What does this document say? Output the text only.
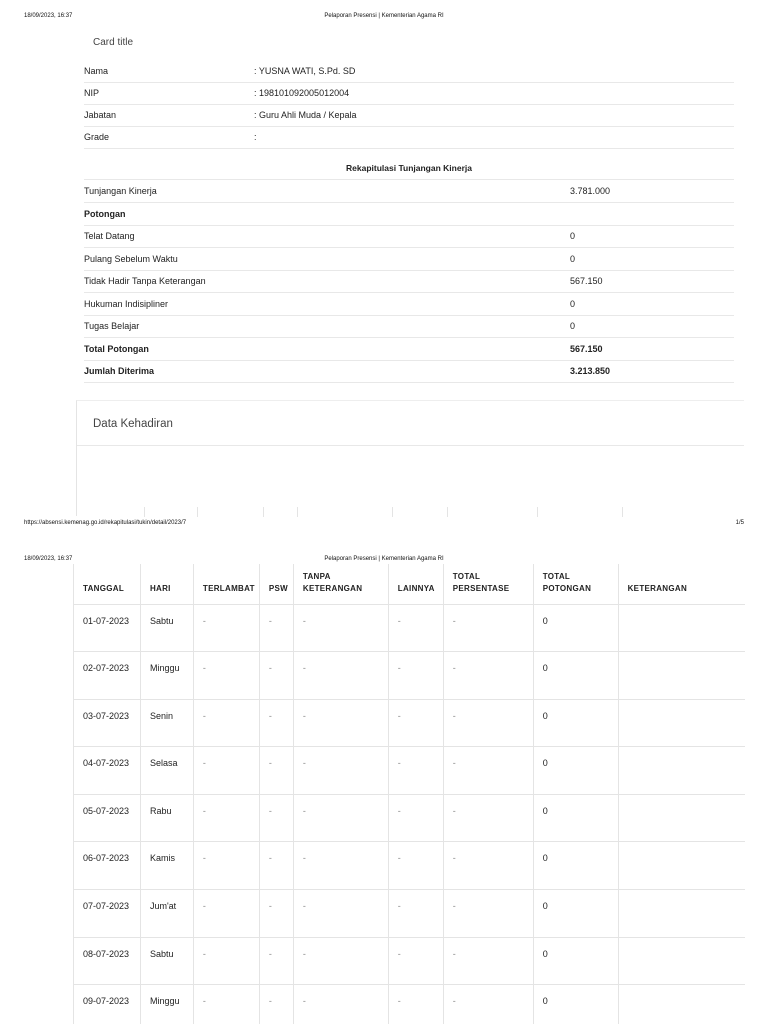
18/09/2023, 16:37	Pelaporan Presensi | Kementerian Agama RI
Card title
Nama	: YUSNA WATI, S.Pd. SD
NIP	: 198101092005012004
Jabatan	: Guru Ahli Muda / Kepala
Grade	:
Rekapitulasi Tunjangan Kinerja
Tunjangan Kinerja	3.781.000
Potongan	
Telat Datang	0
Pulang Sebelum Waktu	0
Tidak Hadir Tanpa Keterangan	567.150
Hukuman Indisipliner	0
Tugas Belajar	0
Total Potongan	567.150
Jumlah Diterima	3.213.850
Data Kehadiran
https://absensi.kemenag.go.id/rekapitulasi/tukin/detail/2023/7	1/5
18/09/2023, 16:37	Pelaporan Presensi | Kementerian Agama RI
TANGGAL	HARI	TERLAMBAT	PSW	TANPA KETERANGAN	LAINNYA	TOTAL PERSENTASE	TOTAL POTONGAN	KETERANGAN
01-07-2023	Sabtu	-	-	-	-	-	0	
02-07-2023	Minggu	-	-	-	-	-	0	
03-07-2023	Senin	-	-	-	-	-	0	
04-07-2023	Selasa	-	-	-	-	-	0	
05-07-2023	Rabu	-	-	-	-	-	0	
06-07-2023	Kamis	-	-	-	-	-	0	
07-07-2023	Jum'at	-	-	-	-	-	0	
08-07-2023	Sabtu	-	-	-	-	-	0	
09-07-2023	Minggu	-	-	-	-	-	0	
